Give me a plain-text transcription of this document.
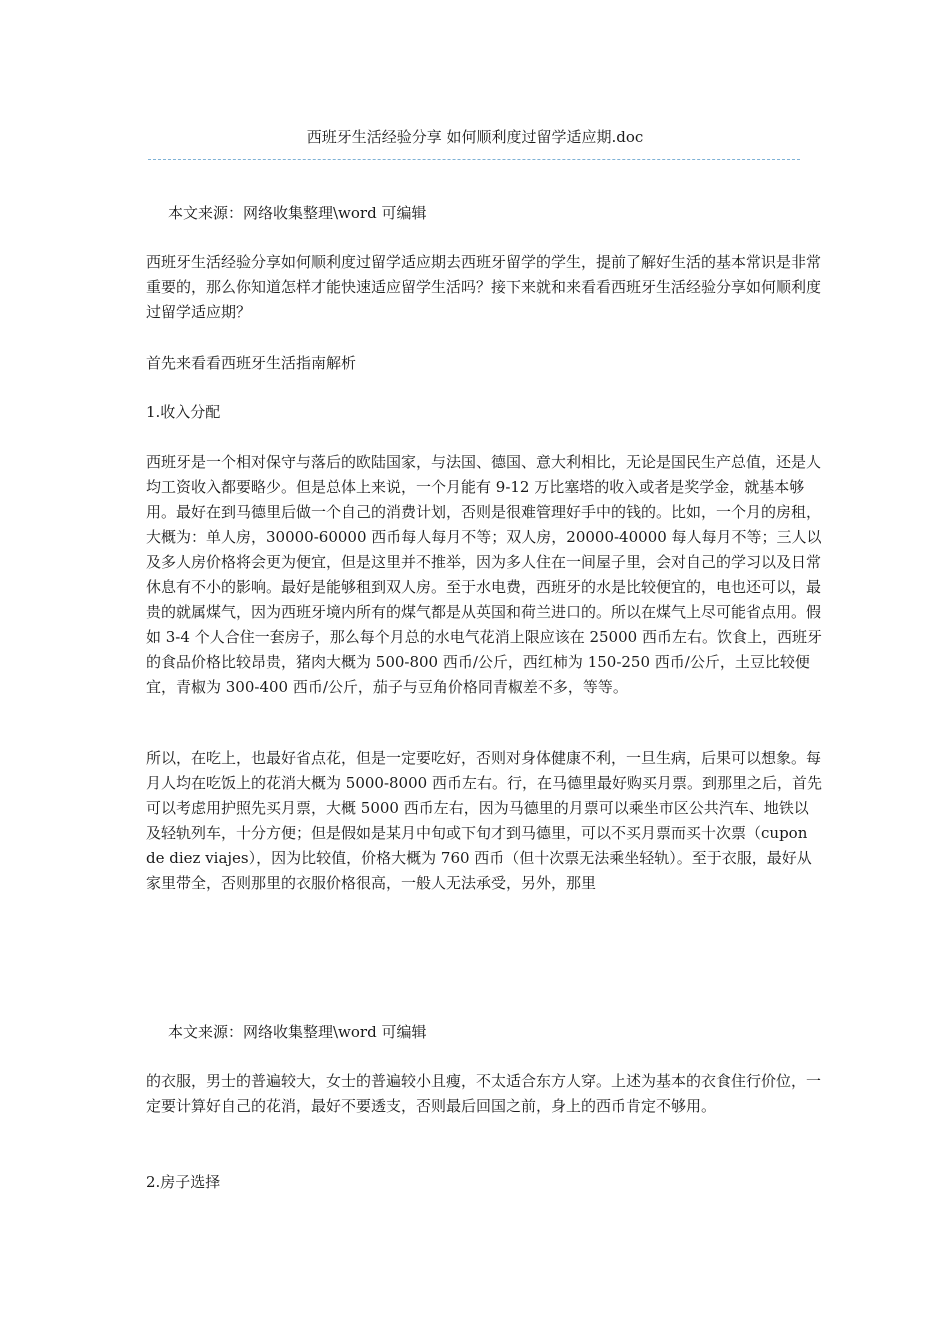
西班牙生活经验分享 如何顺利度过留学适应期.doc
本文来源：网络收集整理\word 可编辑

西班牙生活经验分享如何顺利度过留学适应期去西班牙留学的学生，提前了解好生活的基本常识是非常重要的，那么你知道怎样才能快速适应留学生活吗？接下来就和来看看西班牙生活经验分享如何顺利度过留学适应期？

首先来看看西班牙生活指南解析

1.收入分配

西班牙是一个相对保守与落后的欧陆国家，与法国、德国、意大利相比，无论是国民生产总值，还是人均工资收入都要略少。但是总体上来说，一个月能有 9-12 万比塞塔的收入或者是奖学金，就基本够用。最好在到马德里后做一个自己的消费计划，否则是很难管理好手中的钱的。比如，一个月的房租，大概为：单人房，30000-60000 西币每人每月不等；双人房，20000-40000 每人每月不等；三人以及多人房价格将会更为便宜，但是这里并不推举，因为多人住在一间屋子里，会对自己的学习以及日常休息有不小的影响。最好是能够租到双人房。至于水电费，西班牙的水是比较便宜的，电也还可以，最贵的就属煤气，因为西班牙境内所有的煤气都是从英国和荷兰进口的。所以在煤气上尽可能省点用。假如 3-4 个人合住一套房子，那么每个月总的水电气花消上限应该在 25000 西币左右。饮食上，西班牙的食品价格比较昂贵，猪肉大概为 500-800 西币/公斤，西红柿为 150-250 西币/公斤，土豆比较便宜，青椒为 300-400 西币/公斤，茄子与豆角价格同青椒差不多，等等。

所以，在吃上，也最好省点花，但是一定要吃好，否则对身体健康不利，一旦生病，后果可以想象。每月人均在吃饭上的花消大概为 5000-8000 西币左右。行，在马德里最好购买月票。到那里之后，首先可以考虑用护照先买月票，大概 5000 西币左右，因为马德里的月票可以乘坐市区公共汽车、地铁以及轻轨列车，十分方便；但是假如是某月中旬或下旬才到马德里，可以不买月票而买十次票（cupon de diez viajes），因为比较值，价格大概为 760 西币（但十次票无法乘坐轻轨）。至于衣服，最好从家里带全，否则那里的衣服价格很高，一般人无法承受，另外，那里

本文来源：网络收集整理\word 可编辑

的衣服，男士的普遍较大，女士的普遍较小且瘦，不太适合东方人穿。上述为基本的衣食住行价位，一定要计算好自己的花消，最好不要透支，否则最后回国之前，身上的西币肯定不够用。

2.房子选择
